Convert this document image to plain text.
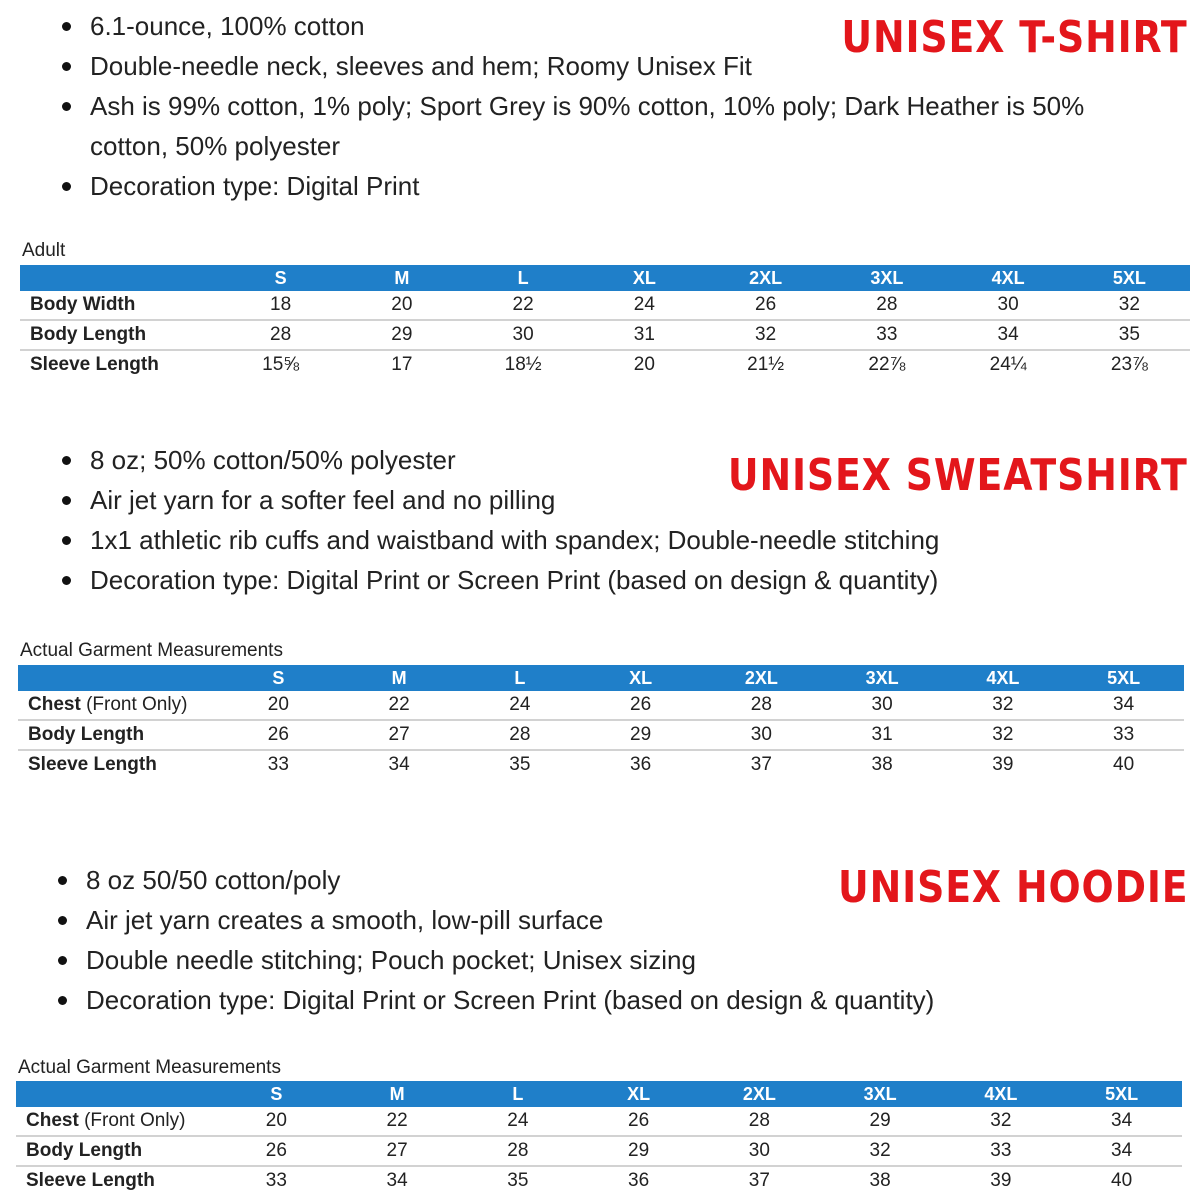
UNISEX T-SHIRT
6.1-ounce, 100% cotton
Double-needle neck, sleeves and hem; Roomy Unisex Fit
Ash is 99% cotton, 1% poly; Sport Grey is 90% cotton, 10% poly; Dark Heather is 50% cotton, 50% polyester
Decoration type: Digital Print
Adult
	S	M	L	XL	2XL	3XL	4XL	5XL
Body Width	18	20	22	24	26	28	30	32
Body Length	28	29	30	31	32	33	34	35
Sleeve Length	15⅝	17	18½	20	21½	22⅞	24¼	23⅞
UNISEX SWEATSHIRT
8 oz; 50% cotton/50% polyester
Air jet yarn for a softer feel and no pilling
1x1 athletic rib cuffs and waistband with spandex; Double-needle stitching
Decoration type: Digital Print or Screen Print (based on design & quantity)
Actual Garment Measurements
	S	M	L	XL	2XL	3XL	4XL	5XL
Chest (Front Only)	20	22	24	26	28	30	32	34
Body Length	26	27	28	29	30	31	32	33
Sleeve Length	33	34	35	36	37	38	39	40
UNISEX HOODIE
8 oz 50/50 cotton/poly
Air jet yarn creates a smooth, low-pill surface
Double needle stitching; Pouch pocket; Unisex sizing
Decoration type: Digital Print or Screen Print (based on design & quantity)
Actual Garment Measurements
	S	M	L	XL	2XL	3XL	4XL	5XL
Chest (Front Only)	20	22	24	26	28	29	32	34
Body Length	26	27	28	29	30	32	33	34
Sleeve Length	33	34	35	36	37	38	39	40
